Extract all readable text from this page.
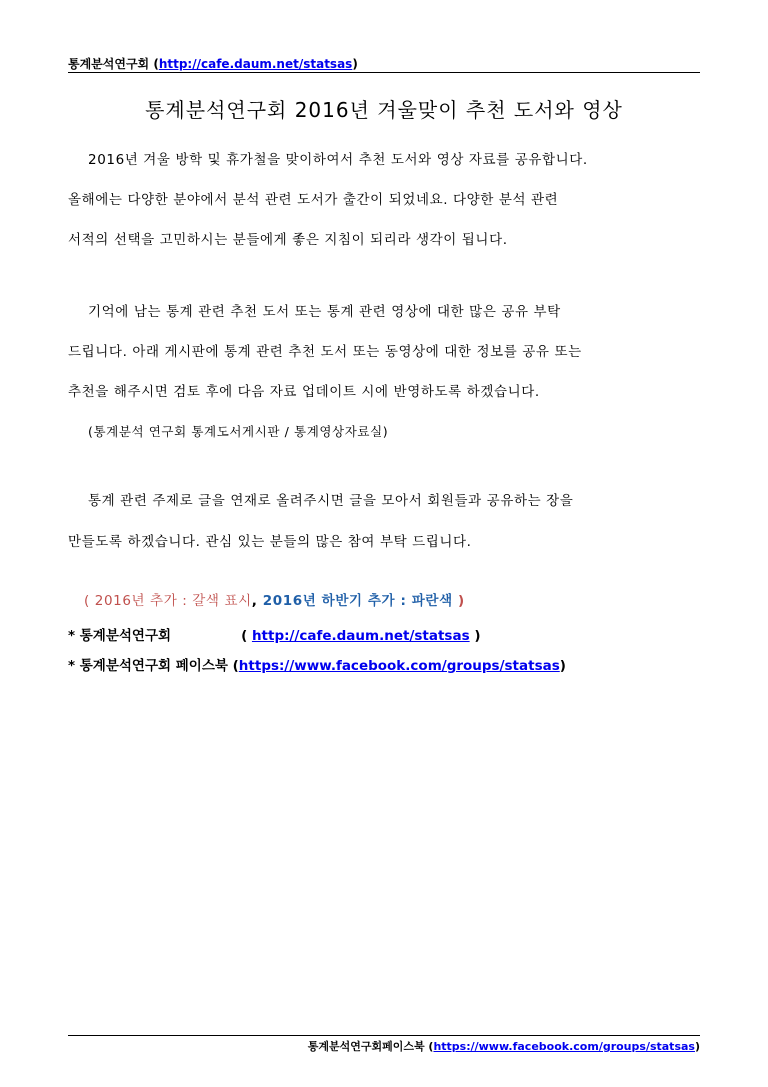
통계분석연구회 (http://cafe.daum.net/statsas)
통계분석연구회 2016년 겨울맞이 추천 도서와 영상
2016년 겨울 방학 및 휴가철을 맞이하여서 추천 도서와 영상 자료를 공유합니다.
올해에는 다양한 분야에서 분석 관련 도서가 출간이 되었네요. 다양한 분석 관련
서적의 선택을 고민하시는 분들에게 좋은 지침이 되리라 생각이 됩니다.
기억에 남는 통계 관련 추천 도서 또는 통계 관련 영상에 대한 많은 공유 부탁
드립니다. 아래 게시판에 통계 관련 추천 도서 또는 동영상에 대한 정보를 공유 또는
추천을 해주시면 검토 후에 다음 자료 업데이트 시에 반영하도록 하겠습니다.
(통계분석 연구회 통계도서게시판 / 통계영상자료실)
통계 관련 주제로 글을 연재로 올려주시면 글을 모아서 회원들과 공유하는 장을
만들도록 하겠습니다. 관심 있는 분들의 많은 참여 부탁 드립니다.
( 2016년 추가 : 갈색 표시, 2016년 하반기 추가 : 파란색 )
* 통계분석연구회	( http://cafe.daum.net/statsas )
* 통계분석연구회 페이스북 (https://www.facebook.com/groups/statsas)
통계분석연구회페이스북 (https://www.facebook.com/groups/statsas)
